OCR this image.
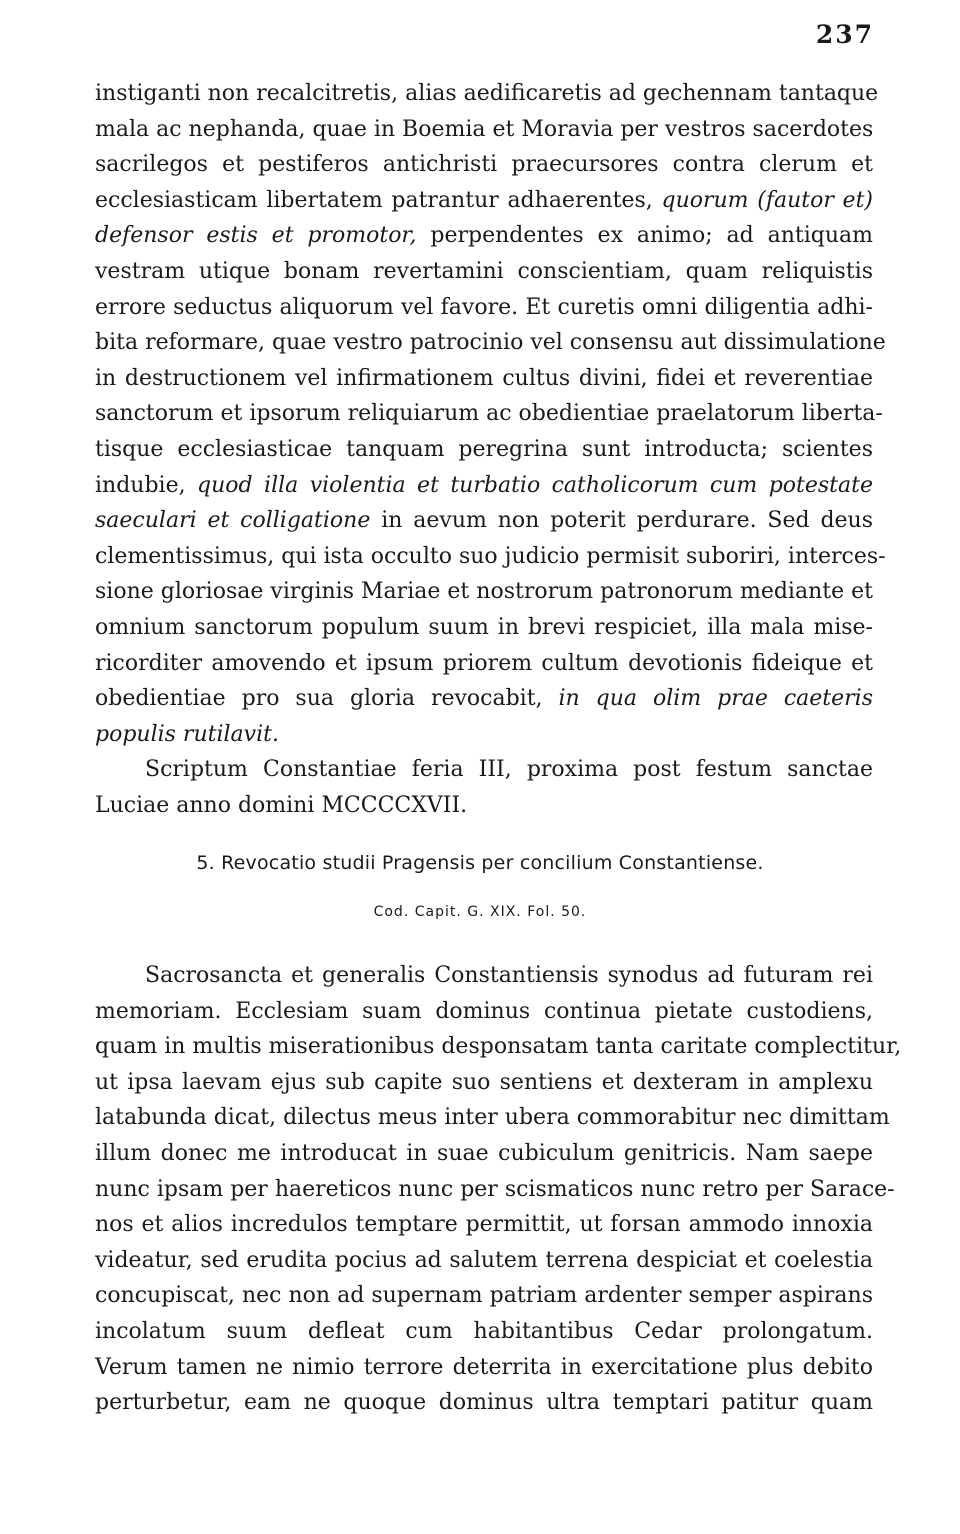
237
instiganti non recalcitretis, alias aedificaretis ad gechennam tantaque
mala ac nephanda, quae in Boemia et Moravia per vestros sacerdotes
sacrilegos et pestiferos antichristi praecursores contra clerum et
ecclesiasticam libertatem patrantur adhaerentes, quorum (fautor et)
defensor estis et promotor, perpendentes ex animo; ad antiquam
vestram utique bonam revertamini conscientiam, quam reliquistis
errore seductus aliquorum vel favore. Et curetis omni diligentia adhi-
bita reformare, quae vestro patrocinio vel consensu aut dissimulatione
in destructionem vel infirmationem cultus divini, fidei et reverentiae
sanctorum et ipsorum reliquiarum ac obedientiae praelatorum liberta-
tisque ecclesiasticae tanquam peregrina sunt introducta; scientes
indubie, quod illa violentia et turbatio catholicorum cum potestate
saeculari et colligatione in aevum non poterit perdurare. Sed deus
clementissimus, qui ista occulto suo judicio permisit suboriri, interces-
sione gloriosae virginis Mariae et nostrorum patronorum mediante et
omnium sanctorum populum suum in brevi respiciet, illa mala mise-
ricorditer amovendo et ipsum priorem cultum devotionis fideique et
obedientiae pro sua gloria revocabit, in qua olim prae caeteris
populis rutilavit.
Scriptum Constantiae feria III, proxima post festum sanctae
Luciae anno domini MCCCCXVII.
5. Revocatio studii Pragensis per concilium Constantiense.
Cod. Capit. G. XIX. Fol. 50.
Sacrosancta et generalis Constantiensis synodus ad futuram rei
memoriam. Ecclesiam suam dominus continua pietate custodiens,
quam in multis miserationibus desponsatam tanta caritate complectitur,
ut ipsa laevam ejus sub capite suo sentiens et dexteram in amplexu
latabunda dicat, dilectus meus inter ubera commorabitur nec dimittam
illum donec me introducat in suae cubiculum genitricis. Nam saepe
nunc ipsam per haereticos nunc per scismaticos nunc retro per Sarace-
nos et alios incredulos temptare permittit, ut forsan ammodo innoxia
videatur, sed erudita pocius ad salutem terrena despiciat et coelestia
concupiscat, nec non ad supernam patriam ardenter semper aspirans
incolatum suum defleat cum habitantibus Cedar prolongatum.
Verum tamen ne nimio terrore deterrita in exercitatione plus debito
perturbetur, eam ne quoque dominus ultra temptari patitur quam
